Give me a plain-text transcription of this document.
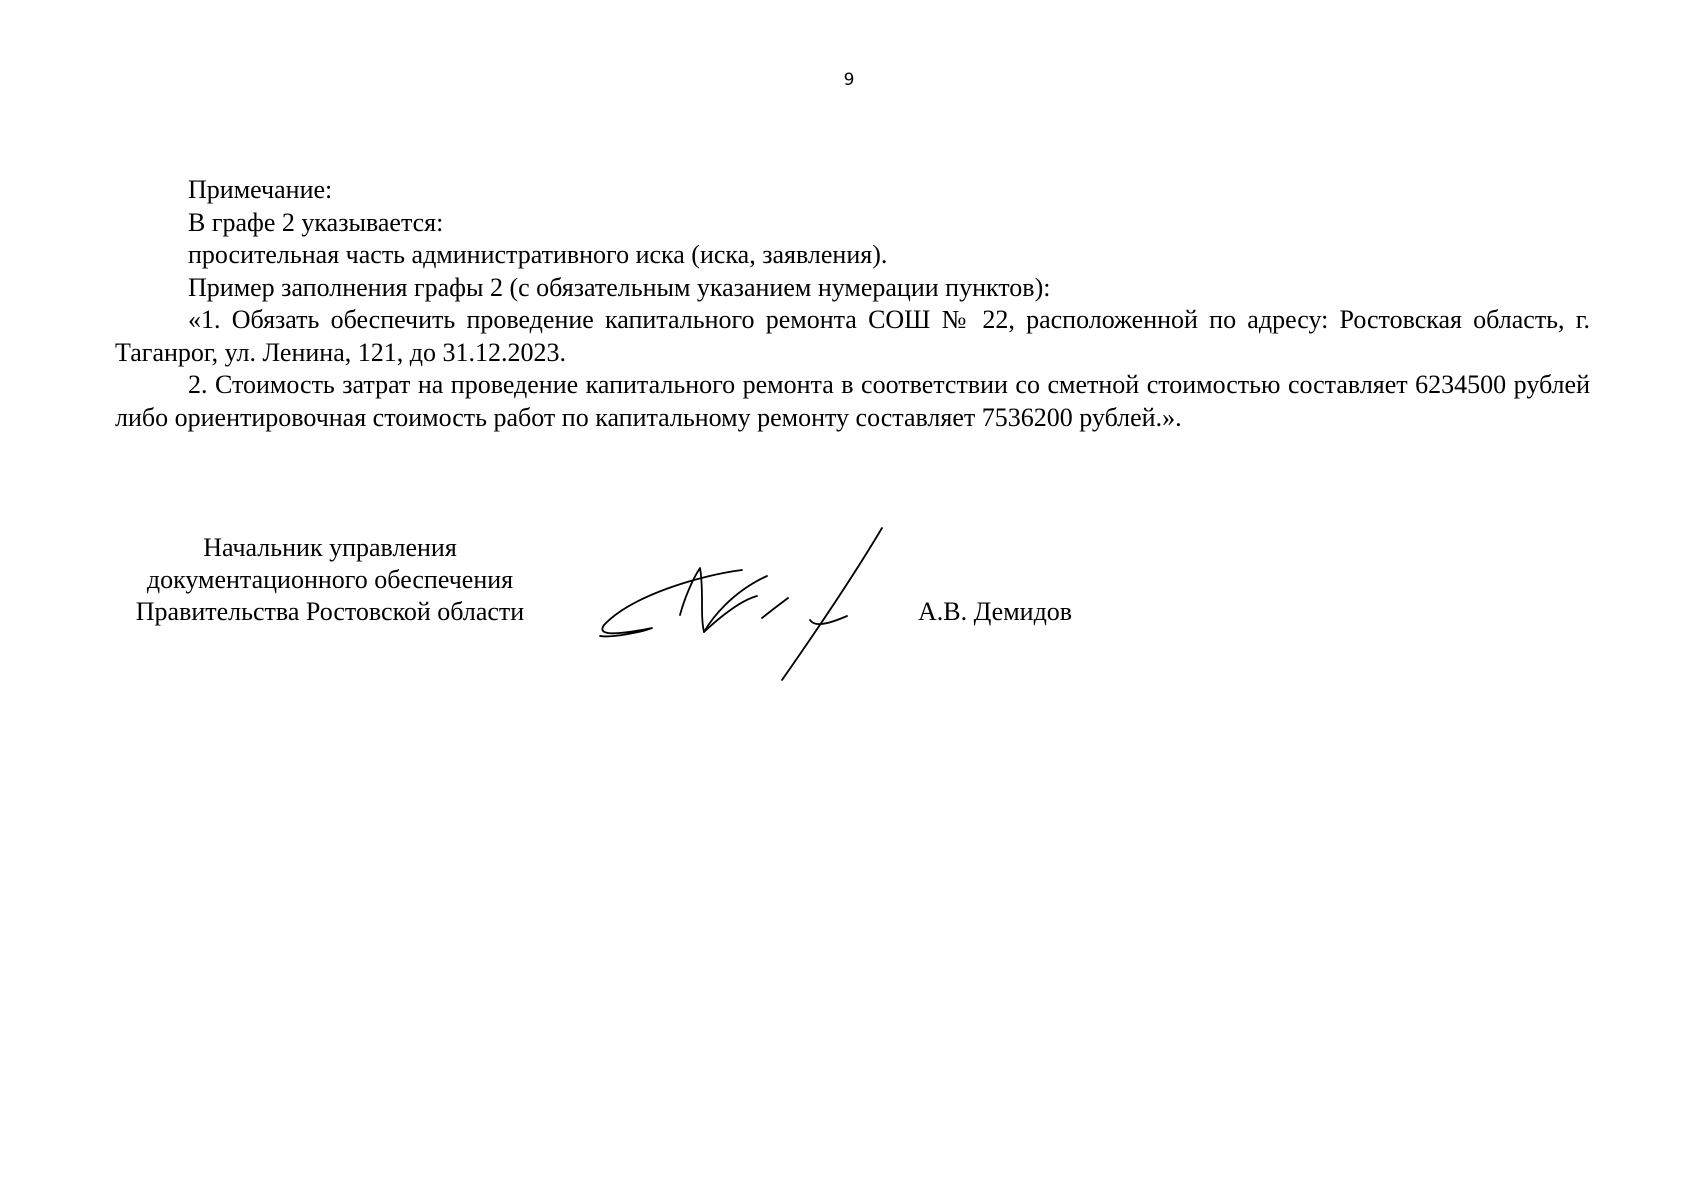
9

Примечание:

В графе 2 указывается:

просительная часть административного иска (иска, заявления).

Пример заполнения графы 2 (с обязательным указанием нумерации пунктов):

«1. Обязать обеспечить проведение капитального ремонта СОШ № 22, расположенной по адресу: Ростовская область, г. Таганрог, ул. Ленина, 121, до 31.12.2023.

2. Стоимость затрат на проведение капитального ремонта в соответствии со сметной стоимостью составляет 6234500 рублей либо ориентировочная стоимость работ по капитальному ремонту составляет 7536200 рублей.».

Начальник управления
документационного обеспечения
Правительства Ростовской области	А.В. Демидов
